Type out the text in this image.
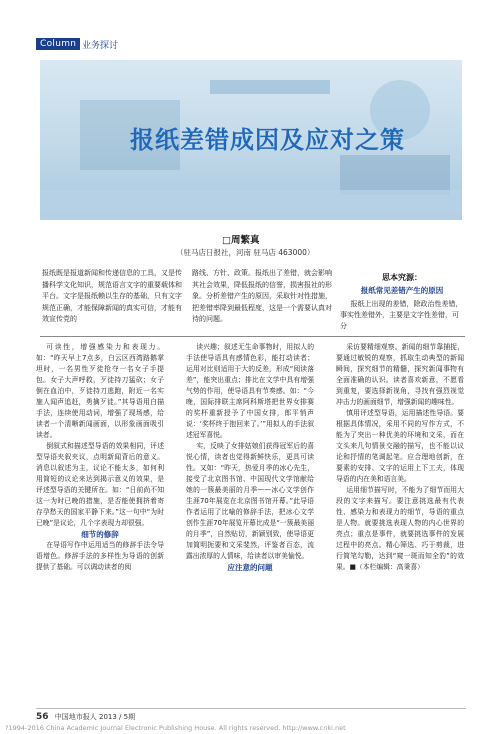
Column 业务探讨
报纸差错成因及应对之策
□周繁真
（驻马店日报社，河南 驻马店 463000）
报纸既是报道新闻和传递信息的工具，又是传播科学文化知识，规范语言文字的重要载体和平台。文字是报纸赖以生存的基础，只有文字规范正确，才能保障新闻的真实可信，才能有效宣传党的
路线、方针、政策。报纸出了差错，就会影响其社会效果，降低报纸的信誉，损害报社的形象。分析差错产生的原因，采取针对性措施，把差错率降到最低程度，这是一个需要认真对待的问题。
思本究源：
报纸常见差错产生的原因
报纸上出现的差错，除政治性差错，事实性差错外，主要是文字性差错，可分

可读性，增强感染力和表现力。如：“昨天早上7点多，白云区西湾路鹅掌坦时，一名男性歹徒抢夺一名女子手提包。女子大声呼救，歹徒持刀猛砍；女子倒在血泊中，歹徒持刀逃跑，附近一名实施人闻声追赶，勇擒歹徒。”其导语用白描手法，连续使用动词，增强了现场感，给读者一个清晰新闻画面，以形象画面吸引读者。

倒叙式和描述型导语的效果相同，评述型导语夹叙夹议，点明新闻背后的意义。消息以叙述为主，议论不能太多，如何利用简短的议论来达到揭示意义的效果，是评述型导语的关键所在。如：“日前尚不知这一为时已晚的措施，是否能使拥挤着寄存孕愁天的国家平静下来。”这一句中“为时已晚”是议论，几个字表现力却很强。

细节的修辞

在导语写作中运用适当的修辞手法令导语增色。修辞手法的多样性为导语的创新提供了基础。可以调动读者的阅

读兴趣；叙述无生命事物时，用拟人的手法使导语具有感情色彩，能打动读者；运用对比则适用于大的反差，形成“阅读落差”，能突出重点；排比在文学中具有增强气势的作用，使导语具有节奏感。如：“今晚，国际排联主席阿科斯塔把世界女排赛的奖杯重新授予了中国女排，郎平悄声说：‘奖杯终于抱回来了。’”用拟人的手法叙述冠军喜悦。

实，反映了女排姑娘们获得冠军后的喜悦心情，读者也觉得新鲜快乐，更具可读性。又如：“昨天，热爱月季的冰心先生，接受了北京图书馆、中国现代文学馆献给她的一簇最美丽的月季——冰心文学创作生涯70年展览在北京图书馆开幕。”此导语作者运用了比喻的修辞手法，把冰心文学创作生涯70年展览开幕比成是“一簇最美丽的月季”，自然贴切，新颖别致，使导语更加简明扼要和文采斐然，评鉴者百态，流露出浓厚的人情味，给读者以审美愉悦。

应注意的问题

采访要精细观察。新闻的细节靠捕捉，要通过敏锐的观察，抓取生动典型的新闻瞬间，探究细节的精髓，探究新闻事物有全面准确的认识。读者喜欢新意，不愿看到重复，要选择新视角，寻找有强烈视觉冲击力的画面细节，增强新闻的趣味性。

慎用评述型导语，运用描述性导语。要根据具体情况，采用不同的写作方式，不能为了突出一种优美的环境和文采，而在文头来几句情景交融的描写，也不能以议论和抒情的笔调起笔。应合理地创新，在要素的安排、文字的运用上下工夫，体现导语的内在美和语言美。

运用细节描写时，不能为了细节而用大段的文字来描写。要注意挑选最有代表性、感染力和表现力的细节，导语的重点是人物。就要挑选表现人物的内心世界的亮点；重点是事件，就要挑选事件的发展过程中的亮点。精心筛选、巧于剪裁，进行简笔勾勒，达到“窥一斑而知全豹”的效果。■（本栏编辑：高秉喜）

56 中国地市报人 2013 / 5期
?1994-2016 China Academic Journal Electronic Publishing House. All rights reserved. http://www.cnki.net
